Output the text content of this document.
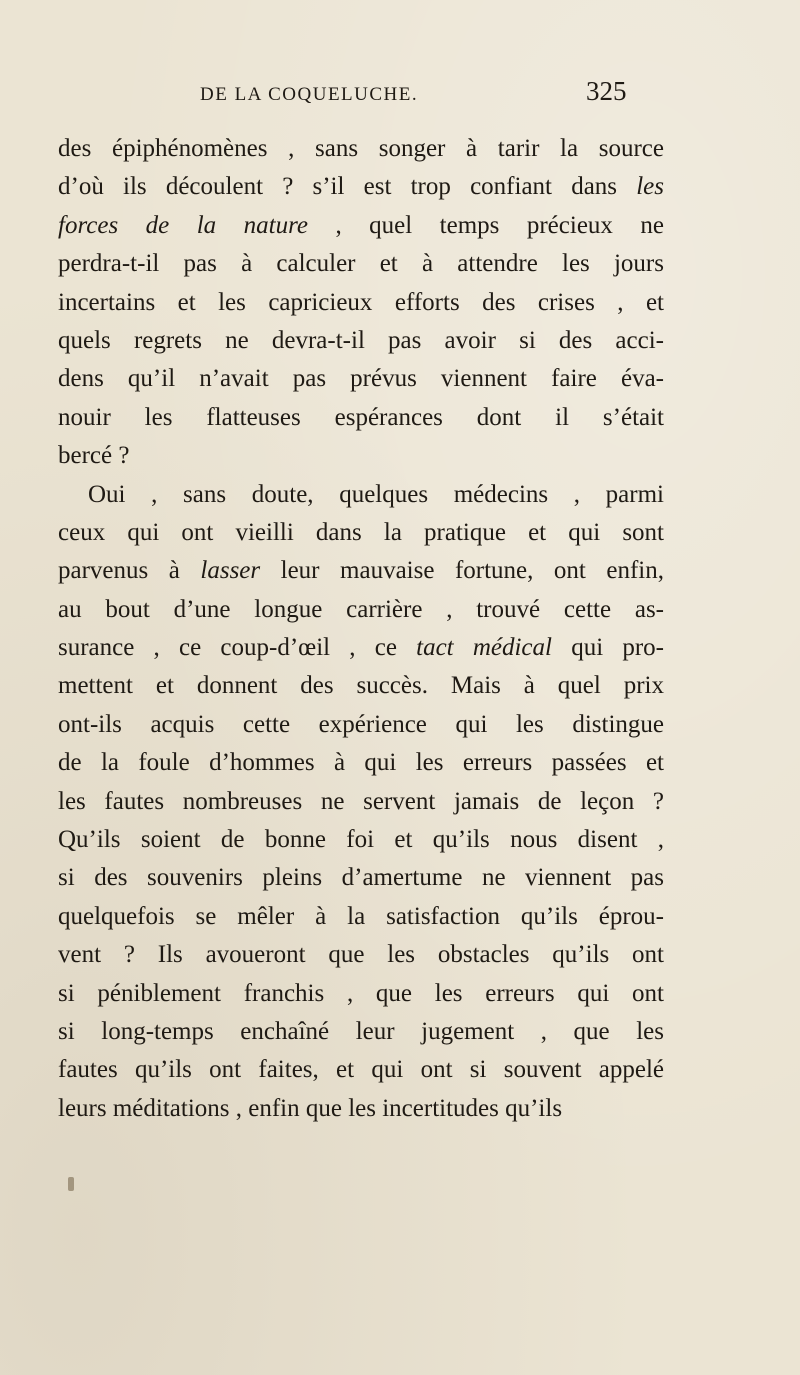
DE LA COQUELUCHE.	325
des épiphénomènes , sans songer à tarir la source
d’où ils découlent ? s’il est trop confiant dans les
forces de la nature , quel temps précieux ne
perdra-t-il pas à calculer et à attendre les jours
incertains et les capricieux efforts des crises , et
quels regrets ne devra-t-il pas avoir si des acci-
dens qu’il n’avait pas prévus viennent faire éva-
nouir les flatteuses espérances dont il s’était
bercé ?
Oui , sans doute, quelques médecins , parmi
ceux qui ont vieilli dans la pratique et qui sont
parvenus à lasser leur mauvaise fortune, ont enfin,
au bout d’une longue carrière , trouvé cette as-
surance , ce coup-d’œil , ce tact médical qui pro-
mettent et donnent des succès. Mais à quel prix
ont-ils acquis cette expérience qui les distingue
de la foule d’hommes à qui les erreurs passées et
les fautes nombreuses ne servent jamais de leçon ?
Qu’ils soient de bonne foi et qu’ils nous disent ,
si des souvenirs pleins d’amertume ne viennent pas
quelquefois se mêler à la satisfaction qu’ils éprou-
vent ? Ils avoueront que les obstacles qu’ils ont
si péniblement franchis , que les erreurs qui ont
si long-temps enchaîné leur jugement , que les
fautes qu’ils ont faites, et qui ont si souvent appelé
leurs méditations , enfin que les incertitudes qu’ils
